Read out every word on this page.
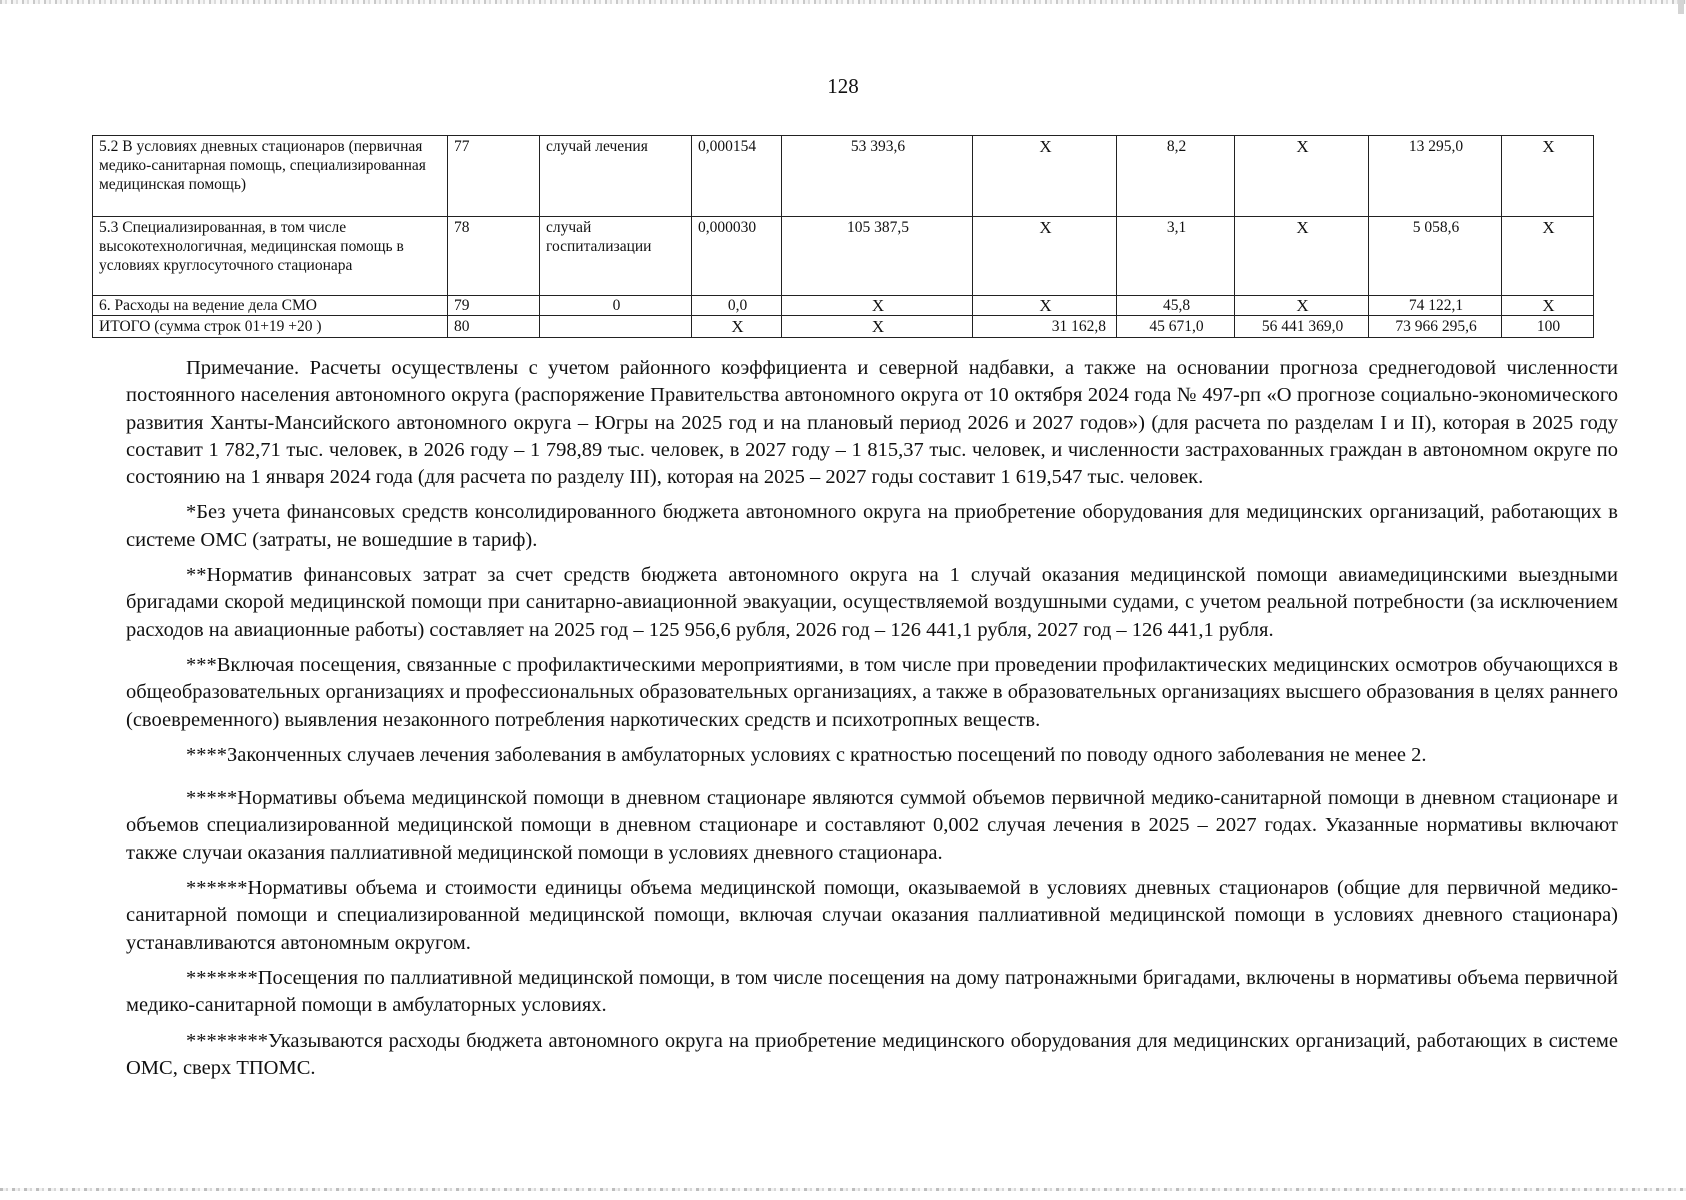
128
5.2 В условиях дневных стационаров (первичная медико-санитарная помощь, специализированная медицинская помощь)	77	случай лечения	0,000154	53 393,6	X	8,2	X	13 295,0	X
5.3 Специализированная, в том числе высокотехнологичная, медицинская помощь в условиях круглосуточного стационара	78	случай госпитализации	0,000030	105 387,5	X	3,1	X	5 058,6	X
6. Расходы на ведение дела СМО	79	0	0,0	X	X	45,8	X	74 122,1	X
ИТОГО (сумма строк 01+19 +20 )	80		X	X	31 162,8	45 671,0	56 441 369,0	73 966 295,6	100

Примечание. Расчеты осуществлены с учетом районного коэффициента и северной надбавки, а также на основании прогноза среднегодовой численности постоянного населения автономного округа (распоряжение Правительства автономного округа от 10 октября 2024 года № 497-рп «О прогнозе социально-экономического развития Ханты-Мансийского автономного округа – Югры на 2025 год и на плановый период 2026 и 2027 годов») (для расчета по разделам I и II), которая в 2025 году составит 1 782,71 тыс. человек, в 2026 году – 1 798,89 тыс. человек, в 2027 году – 1 815,37 тыс. человек, и численности застрахованных граждан в автономном округе по состоянию на 1 января 2024 года (для расчета по разделу III), которая на 2025 – 2027 годы составит 1 619,547 тыс. человек.

*Без учета финансовых средств консолидированного бюджета автономного округа на приобретение оборудования для медицинских организаций, работающих в системе ОМС (затраты, не вошедшие в тариф).

**Норматив финансовых затрат за счет средств бюджета автономного округа на 1 случай оказания медицинской помощи авиамедицинскими выездными бригадами скорой медицинской помощи при санитарно-авиационной эвакуации, осуществляемой воздушными судами, с учетом реальной потребности (за исключением расходов на авиационные работы) составляет на 2025 год – 125 956,6 рубля, 2026 год – 126 441,1 рубля, 2027 год – 126 441,1 рубля.

***Включая посещения, связанные с профилактическими мероприятиями, в том числе при проведении профилактических медицинских осмотров обучающихся в общеобразовательных организациях и профессиональных образовательных организациях, а также в образовательных организациях высшего образования в целях раннего (своевременного) выявления незаконного потребления наркотических средств и психотропных веществ.

****Законченных случаев лечения заболевания в амбулаторных условиях с кратностью посещений по поводу одного заболевания не менее 2.

*****Нормативы объема медицинской помощи в дневном стационаре являются суммой объемов первичной медико-санитарной помощи в дневном стационаре и объемов специализированной медицинской помощи в дневном стационаре и составляют 0,002 случая лечения в 2025 – 2027 годах. Указанные нормативы включают также случаи оказания паллиативной медицинской помощи в условиях дневного стационара.

******Нормативы объема и стоимости единицы объема медицинской помощи, оказываемой в условиях дневных стационаров (общие для первичной медико-санитарной помощи и специализированной медицинской помощи, включая случаи оказания паллиативной медицинской помощи в условиях дневного стационара) устанавливаются автономным округом.

*******Посещения по паллиативной медицинской помощи, в том числе посещения на дому патронажными бригадами, включены в нормативы объема первичной медико-санитарной помощи в амбулаторных условиях.

********Указываются расходы бюджета автономного округа на приобретение медицинского оборудования для медицинских организаций, работающих в системе ОМС, сверх ТПОМС.
